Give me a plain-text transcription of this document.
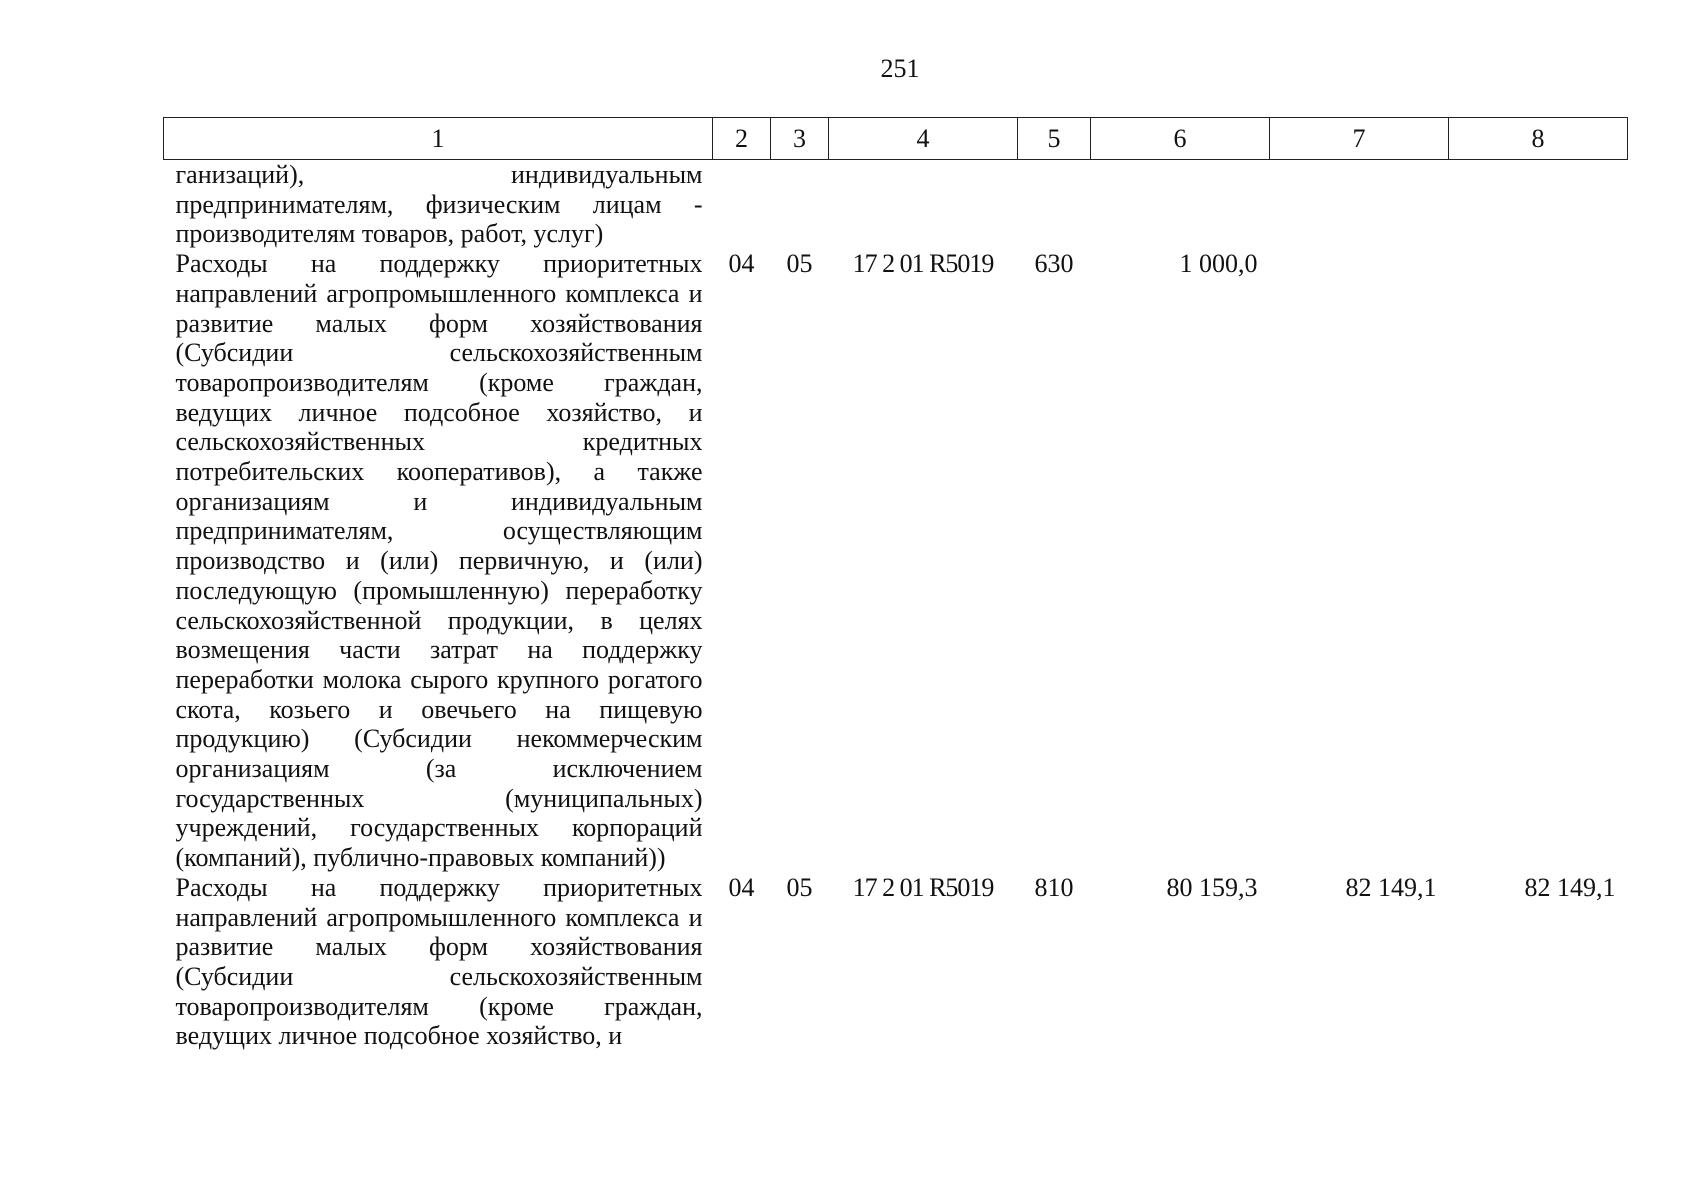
251
1	2	3	4	5	6	7	8
ганизаций), индивидуальным предпринимателям, физическим лицам - производителям товаров, работ, услуг)							
Расходы на поддержку приоритетных направлений агропромышленного комплекса и развитие малых форм хозяйствования (Субсидии сельскохозяйственным товаропроизводителям (кроме граждан, ведущих личное подсобное хозяйство, и сельскохозяйственных кредитных потребительских кооперативов), а также организациям и индивидуальным предпринимателям, осуществляющим производство и (или) первичную, и (или) последующую (промышленную) переработку сельскохозяйственной продукции, в целях возмещения части затрат на поддержку переработки молока сырого крупного рогатого скота, козьего и овечьего на пищевую продукцию) (Субсидии некоммерческим организациям (за исключением государственных (муниципальных) учреждений, государственных корпораций (компаний), публично-правовых компаний))	04	05	17 2 01 R5019	630	1 000,0		
Расходы на поддержку приоритетных направлений агропромышленного комплекса и развитие малых форм хозяйствования (Субсидии сельскохозяйственным товаропроизводителям (кроме граждан, ведущих личное подсобное хозяйство, и	04	05	17 2 01 R5019	810	80 159,3	82 149,1	82 149,1
